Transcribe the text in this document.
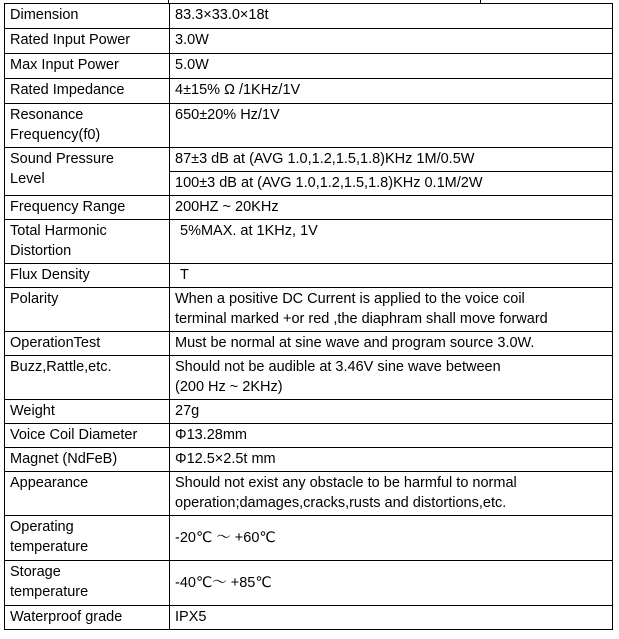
Dimension	83.3×33.0×18t
Rated Input Power	3.0W
Max Input Power	5.0W
Rated Impedance	4±15% Ω /1KHz/1V

Resonance
Frequency(f0)	650±20% Hz/1V

Sound Pressure
Level	87±3 dB at (AVG 1.0,1.2,1.5,1.8)KHz 1M/0.5W
	100±3 dB at (AVG 1.0,1.2,1.5,1.8)KHz 0.1M/2W
Frequency Range	200HZ ~ 20KHz

Total Harmonic
Distortion	5%MAX. at 1KHz, 1V
Flux Density	T
Polarity	When a positive DC Current is applied to the voice coil
terminal marked +or red ,the diaphram shall move forward

OperationTest	Must be normal at sine wave and program source 3.0W.
Buzz,Rattle,etc.	Should not be audible at 3.46V sine wave between
(200 Hz ~ 2KHz)

Weight	27g
Voice Coil Diameter	Φ13.28mm
Magnet (NdFeB)	Φ12.5×2.5t mm
Appearance	Should not exist any obstacle to be harmful to normal
operation;damages,cracks,rusts and distortions,etc.

Operating
temperature	-20℃ ～ +60℃

Storage
temperature	-40℃～ +85℃
Waterproof grade	IPX5
